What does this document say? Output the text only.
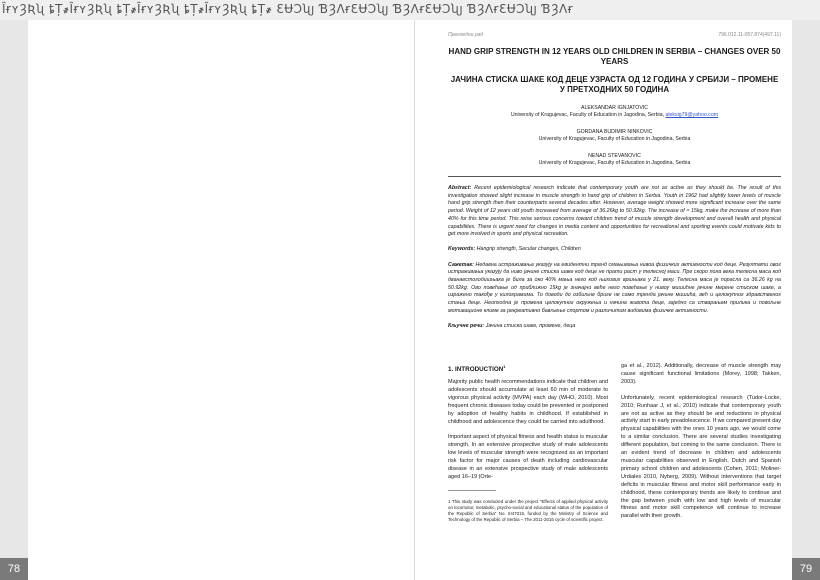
ȊɍʏȜƦʯ ȶȚ҂ȊɍʏȜƦʯ ȶȚ҂ȊɍʏȜƦʯ ȶȚ҂ȊɍʏȜƦʯ ȶȚ҂ ƐɄƆʯȷ ƁȜɅɍƐɄƆʯȷ ƁȜɅɍƐɄƆʯȷ ƁȜɅɍƐɄƆʯȷ ƁȜɅɍ
78
Прегледни рад	796.012.11-057.874(497.11)
HAND GRIP STRENGTH IN 12 YEARS OLD CHILDREN IN SERBIA – CHANGES OVER 50 YEARS
ЈАЧИНА СТИСКА ШАКЕ КОД ДЕЦЕ УЗРАСТА ОД 12 ГОДИНА У СРБИЈИ – ПРОМЕНЕ У ПРЕТХОДНИХ 50 ГОДИНА
ALEKSANDAR IGNJATOVIC
University of Kragujevac, Faculty of Education in Jagodina, Serbia, aleksig79@yahoo.com
GORDANA BUDIMIR NINKOVIC
University of Kragujevac, Faculty of Education in Jagodina, Serbia
NENAD STEVANOVIC
University of Kragujevac, Faculty of Education in Jagodina, Serbia
Abstract: Recent epidemiological research indicate that contemporary youth are not as active as they should be. The result of this investigation showed slight increase in muscle strength in hand grip of children in Serbia. Youth in 1962 had slightly lower levels of muscle hand grip strength then their counterparts several decades after. However, average weight showed more significant increase over the same period. Weight of 12 years old youth increased from average of 36.26kg to 50.92kg. The increase of ≈ 15kg, make the increase of more than 40% for this time period. This reise serious concerns toward children trend of muscle strength development and overall health and physical capabilities. There is urgent need for changes in media content and opportunities for recreational and sporting events could motivate kids to get more involved in sports and physical recreation.
Keywords: Hangrip strength, Secular changes, Children
Сажетак: Недавна истраживања указују на евидентни тренд смањивања нивоа физичких активности код деце. Резултати овог истраживања указују да ниво јачине стиска шаке код деце не прати раст у телесној маси. Пре скоро пола века телесна маса код дванаестогодишњака је била за око 40% мања него код њихових вршњака у 21. веку. Телесна маса је порасла са 36.26 kg на 50.92kg. Ово повећање од приближно 15kg је значајно веће него повећање у нивоу мишићне јачине мерене стиском шаке, а изражено такође у килограмима. То доводи до озбиљне бриге не само тренда јачине мишића, већ и целокупног здравственог стања деце. Неопходна је промена целокупног окружења и начина живота деце, заједно са стварањем прилика и повољне мотивационе климе за рекреативно бављење спортом и различитим видовима физичке активности.
Кључне речи: Јачина стиска шаке, промене, деца
1. INTRODUCTION$^1$

Majority public health recommendations indicate that children and adolescents should accumulate at least 60 min of moderate to vigorous physical activity (MVPA) each day (WHO, 2010). Most frequent chronic diseases today could be prevented or postponed by adoption of healthy habits in childhood. If established in childhood and adolescence they could be carried into adulthood.

Important aspect of physical fitness and health status is muscular strength. In an extensive prospective study of male adolescents low levels of muscular strength were recognized as an important risk factor for major causes of death including cardiovascular disease in an extensive prospective study of male adolescents aged 16–19 (Orte-

1 This study was conducted under the project "Effects of applied physical activity on locomotor, metabolic, psycho-social and educational status of the population of the Republic of Serbia" No. III47015, funded by the Ministry of Science and Technology of the Republic of Serbia – The 2011-2016 cycle of scientific project.

ga et al., 2012). Additionally, decrease of muscle strength may cause significant functional limitations (Morey, 1998; Takken, 2003).

Unfortunately, recent epidemiological research (Tudor-Locke, 2010; Runhaar J, et al., 2010) indicate that contemporary youth are not as active as they should be and reductions in physical activity start in early preadolescence. If we compared present day physical capabilities with the ones 10 years ago, we would come to a similar conclusion. There are several studies investigating different population, but coming to the same conclusion. There is an evident trend of decrease in children and adolescents muscular capabilities observed in English, Dutch and Spanish primary school children and adolescents (Cohen, 2011; Moliner-Urdiales 2010, Nyberg, 2009). Without interventions that target deficits in muscular fitness and motor skill performance early in childhood, these contemporary trends are likely to continue and the gap between youth with low and high levels of muscular fitness and motor skill competence will continue to increase parallel with their growth.

79
